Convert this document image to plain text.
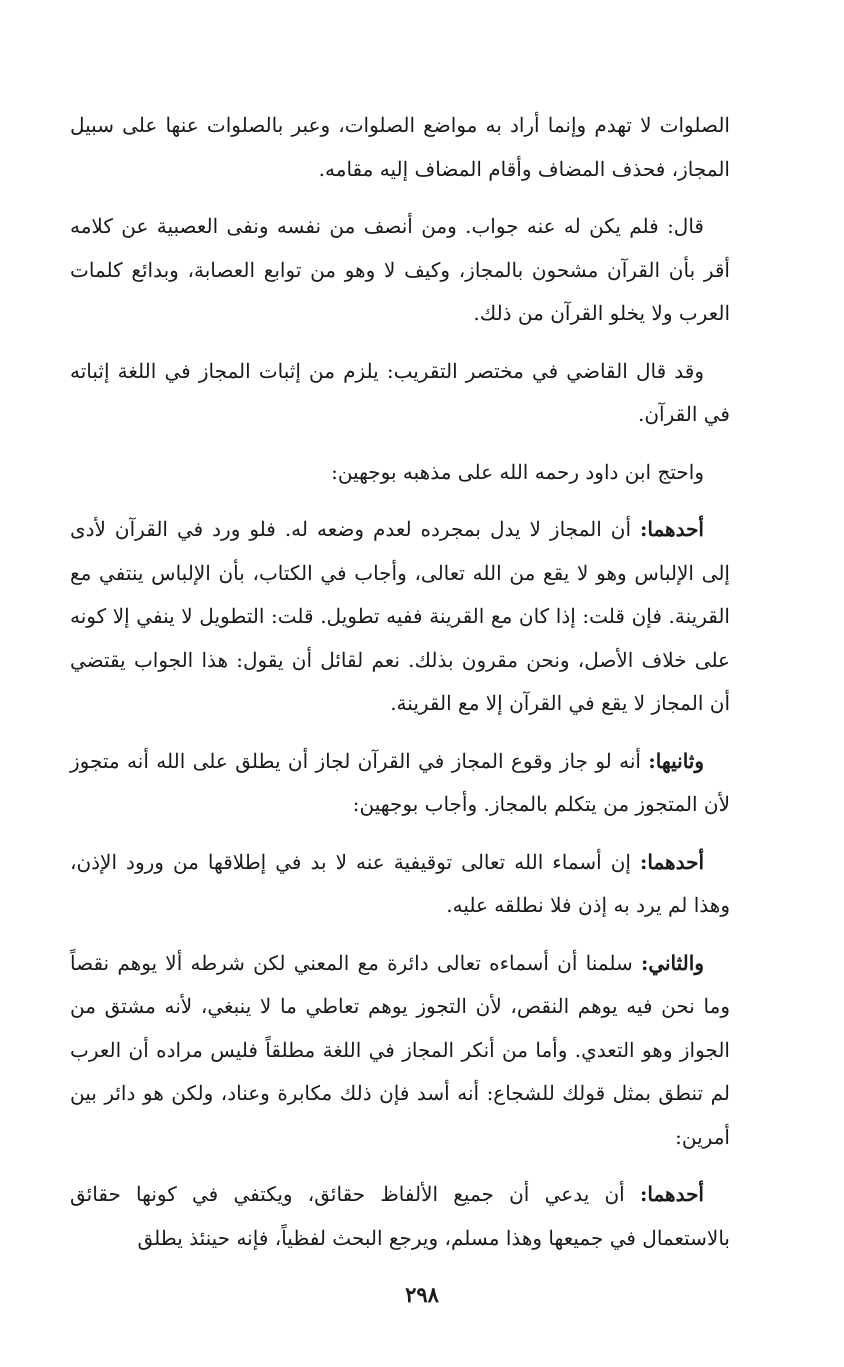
الصلوات لا تهدم وإنما أراد به مواضع الصلوات، وعبر بالصلوات عنها على سبيل المجاز، فحذف المضاف وأقام المضاف إليه مقامه.

قال: فلم يكن له عنه جواب. ومن أنصف من نفسه ونفى العصبية عن كلامه أقر بأن القرآن مشحون بالمجاز، وكيف لا وهو من توابع العصابة، وبدائع كلمات العرب ولا يخلو القرآن من ذلك.

وقد قال القاضي في مختصر التقريب: يلزم من إثبات المجاز في اللغة إثباته في القرآن.

واحتج ابن داود رحمه الله على مذهبه بوجهين:

أحدهما: أن المجاز لا يدل بمجرده لعدم وضعه له. فلو ورد في القرآن لأدى إلى الإلباس وهو لا يقع من الله تعالى، وأجاب في الكتاب، بأن الإلباس ينتفي مع القرينة. فإن قلت: إذا كان مع القرينة ففيه تطويل. قلت: التطويل لا ينفي إلا كونه على خلاف الأصل، ونحن مقرون بذلك. نعم لقائل أن يقول: هذا الجواب يقتضي أن المجاز لا يقع في القرآن إلا مع القرينة.

وثانيها: أنه لو جاز وقوع المجاز في القرآن لجاز أن يطلق على الله أنه متجوز لأن المتجوز من يتكلم بالمجاز. وأجاب بوجهين:

أحدهما: إن أسماء الله تعالى توقيفية عنه لا بد في إطلاقها من ورود الإذن، وهذا لم يرد به إذن فلا نطلقه عليه.

والثاني: سلمنا أن أسماءه تعالى دائرة مع المعني لكن شرطه ألا يوهم نقصاً وما نحن فيه يوهم النقص، لأن التجوز يوهم تعاطي ما لا ينبغي، لأنه مشتق من الجواز وهو التعدي. وأما من أنكر المجاز في اللغة مطلقاً فليس مراده أن العرب لم تنطق بمثل قولك للشجاع: أنه أسد فإن ذلك مكابرة وعناد، ولكن هو دائر بين أمرين:

أحدهما: أن يدعي أن جميع الألفاظ حقائق، ويكتفي في كونها حقائق بالاستعمال في جميعها وهذا مسلم، ويرجع البحث لفظياً، فإنه حينئذ يطلق

٢٩٨
